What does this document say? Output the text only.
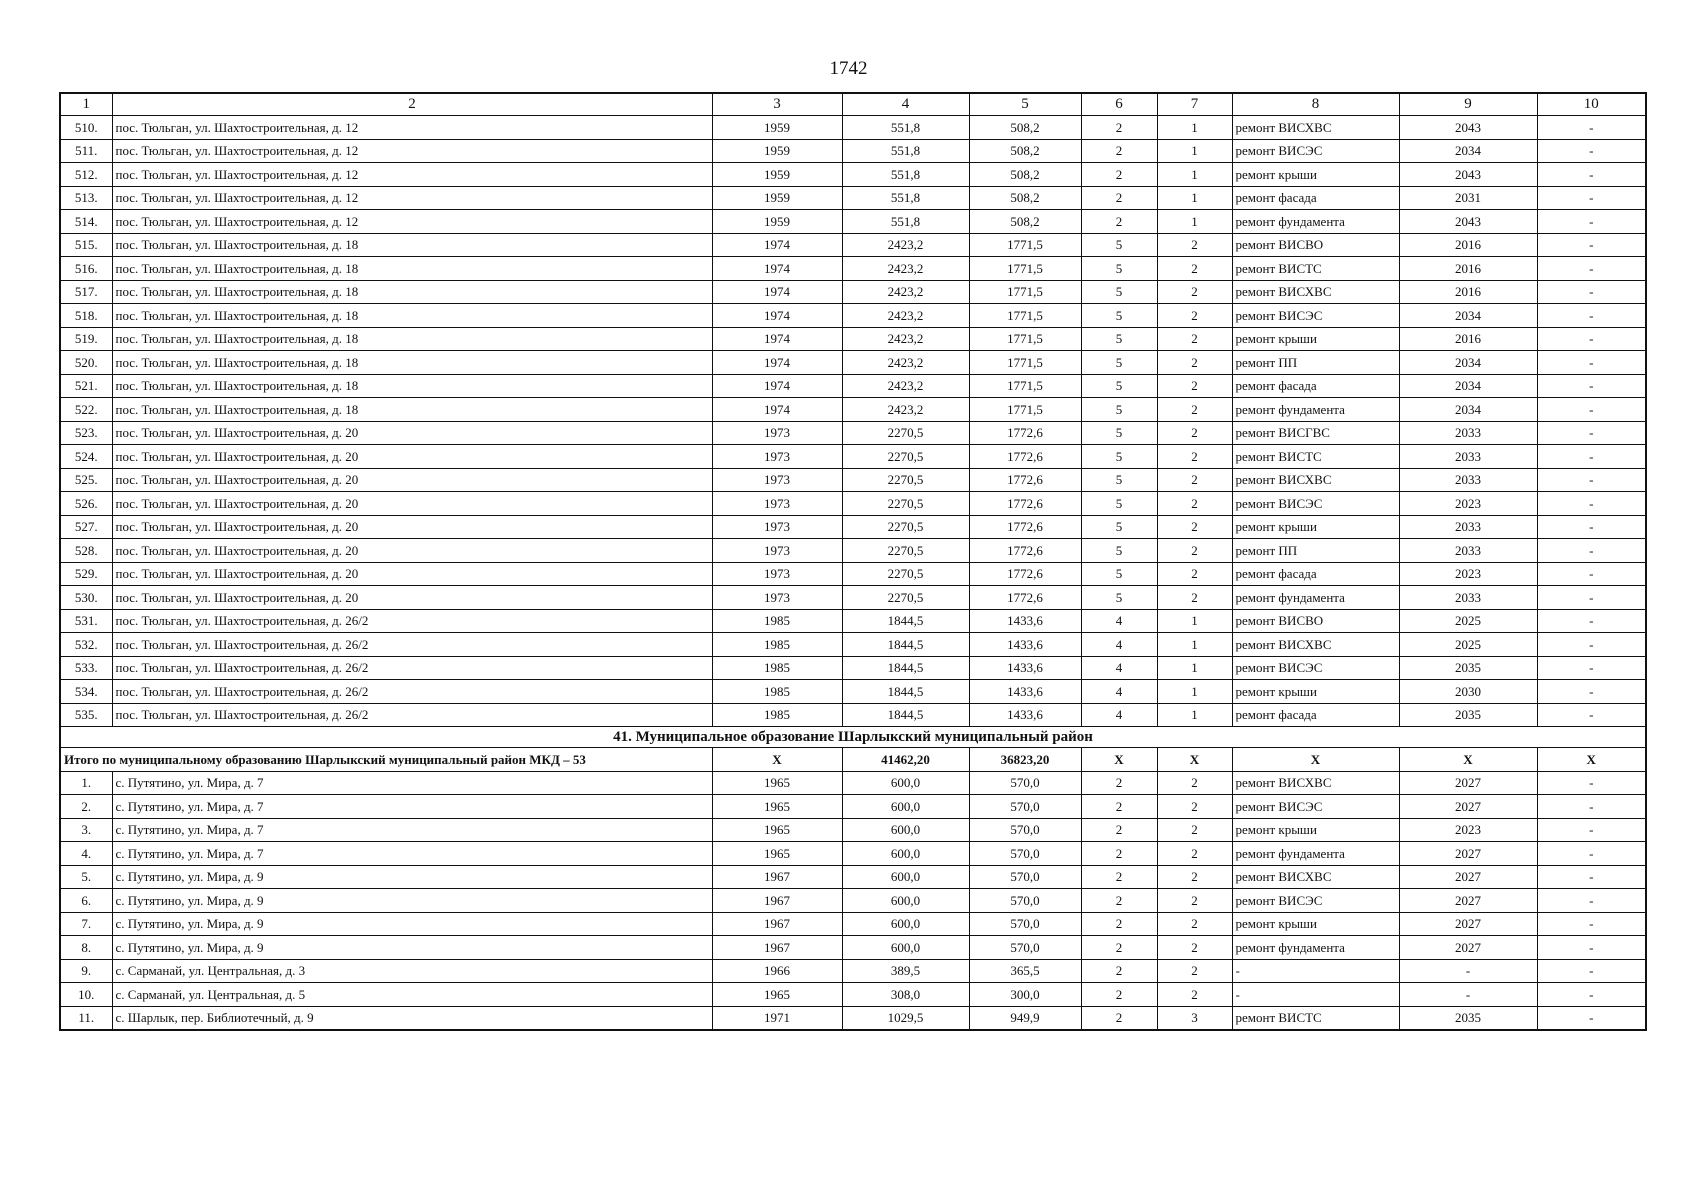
1742
1	2	3	4	5	6	7	8	9	10
510.	пос. Тюльган, ул. Шахтостроительная, д. 12	1959	551,8	508,2	2	1	ремонт ВИСХВС	2043	-
511.	пос. Тюльган, ул. Шахтостроительная, д. 12	1959	551,8	508,2	2	1	ремонт ВИСЭС	2034	-
512.	пос. Тюльган, ул. Шахтостроительная, д. 12	1959	551,8	508,2	2	1	ремонт крыши	2043	-
513.	пос. Тюльган, ул. Шахтостроительная, д. 12	1959	551,8	508,2	2	1	ремонт фасада	2031	-
514.	пос. Тюльган, ул. Шахтостроительная, д. 12	1959	551,8	508,2	2	1	ремонт фундамента	2043	-
515.	пос. Тюльган, ул. Шахтостроительная, д. 18	1974	2423,2	1771,5	5	2	ремонт ВИСВО	2016	-
516.	пос. Тюльган, ул. Шахтостроительная, д. 18	1974	2423,2	1771,5	5	2	ремонт ВИСТС	2016	-
517.	пос. Тюльган, ул. Шахтостроительная, д. 18	1974	2423,2	1771,5	5	2	ремонт ВИСХВС	2016	-
518.	пос. Тюльган, ул. Шахтостроительная, д. 18	1974	2423,2	1771,5	5	2	ремонт ВИСЭС	2034	-
519.	пос. Тюльган, ул. Шахтостроительная, д. 18	1974	2423,2	1771,5	5	2	ремонт крыши	2016	-
520.	пос. Тюльган, ул. Шахтостроительная, д. 18	1974	2423,2	1771,5	5	2	ремонт ПП	2034	-
521.	пос. Тюльган, ул. Шахтостроительная, д. 18	1974	2423,2	1771,5	5	2	ремонт фасада	2034	-
522.	пос. Тюльган, ул. Шахтостроительная, д. 18	1974	2423,2	1771,5	5	2	ремонт фундамента	2034	-
523.	пос. Тюльган, ул. Шахтостроительная, д. 20	1973	2270,5	1772,6	5	2	ремонт ВИСГВС	2033	-
524.	пос. Тюльган, ул. Шахтостроительная, д. 20	1973	2270,5	1772,6	5	2	ремонт ВИСТС	2033	-
525.	пос. Тюльган, ул. Шахтостроительная, д. 20	1973	2270,5	1772,6	5	2	ремонт ВИСХВС	2033	-
526.	пос. Тюльган, ул. Шахтостроительная, д. 20	1973	2270,5	1772,6	5	2	ремонт ВИСЭС	2023	-
527.	пос. Тюльган, ул. Шахтостроительная, д. 20	1973	2270,5	1772,6	5	2	ремонт крыши	2033	-
528.	пос. Тюльган, ул. Шахтостроительная, д. 20	1973	2270,5	1772,6	5	2	ремонт ПП	2033	-
529.	пос. Тюльган, ул. Шахтостроительная, д. 20	1973	2270,5	1772,6	5	2	ремонт фасада	2023	-
530.	пос. Тюльган, ул. Шахтостроительная, д. 20	1973	2270,5	1772,6	5	2	ремонт фундамента	2033	-
531.	пос. Тюльган, ул. Шахтостроительная, д. 26/2	1985	1844,5	1433,6	4	1	ремонт ВИСВО	2025	-
532.	пос. Тюльган, ул. Шахтостроительная, д. 26/2	1985	1844,5	1433,6	4	1	ремонт ВИСХВС	2025	-
533.	пос. Тюльган, ул. Шахтостроительная, д. 26/2	1985	1844,5	1433,6	4	1	ремонт ВИСЭС	2035	-
534.	пос. Тюльган, ул. Шахтостроительная, д. 26/2	1985	1844,5	1433,6	4	1	ремонт крыши	2030	-
535.	пос. Тюльган, ул. Шахтостроительная, д. 26/2	1985	1844,5	1433,6	4	1	ремонт фасада	2035	-
41. Муниципальное образование Шарлыкский муниципальный район									
Итого по муниципальному образованию Шарлыкский муниципальный район МКД – 53		X	41462,20	36823,20	X	X	X	X	X
1.	с. Путятино, ул. Мира, д. 7	1965	600,0	570,0	2	2	ремонт ВИСХВС	2027	-
2.	с. Путятино, ул. Мира, д. 7	1965	600,0	570,0	2	2	ремонт ВИСЭС	2027	-
3.	с. Путятино, ул. Мира, д. 7	1965	600,0	570,0	2	2	ремонт крыши	2023	-
4.	с. Путятино, ул. Мира, д. 7	1965	600,0	570,0	2	2	ремонт фундамента	2027	-
5.	с. Путятино, ул. Мира, д. 9	1967	600,0	570,0	2	2	ремонт ВИСХВС	2027	-
6.	с. Путятино, ул. Мира, д. 9	1967	600,0	570,0	2	2	ремонт ВИСЭС	2027	-
7.	с. Путятино, ул. Мира, д. 9	1967	600,0	570,0	2	2	ремонт крыши	2027	-
8.	с. Путятино, ул. Мира, д. 9	1967	600,0	570,0	2	2	ремонт фундамента	2027	-
9.	с. Сарманай, ул. Центральная, д. 3	1966	389,5	365,5	2	2	-	-	-
10.	с. Сарманай, ул. Центральная, д. 5	1965	308,0	300,0	2	2	-	-	-
11.	с. Шарлык, пер. Библиотечный, д. 9	1971	1029,5	949,9	2	3	ремонт ВИСТС	2035	-
